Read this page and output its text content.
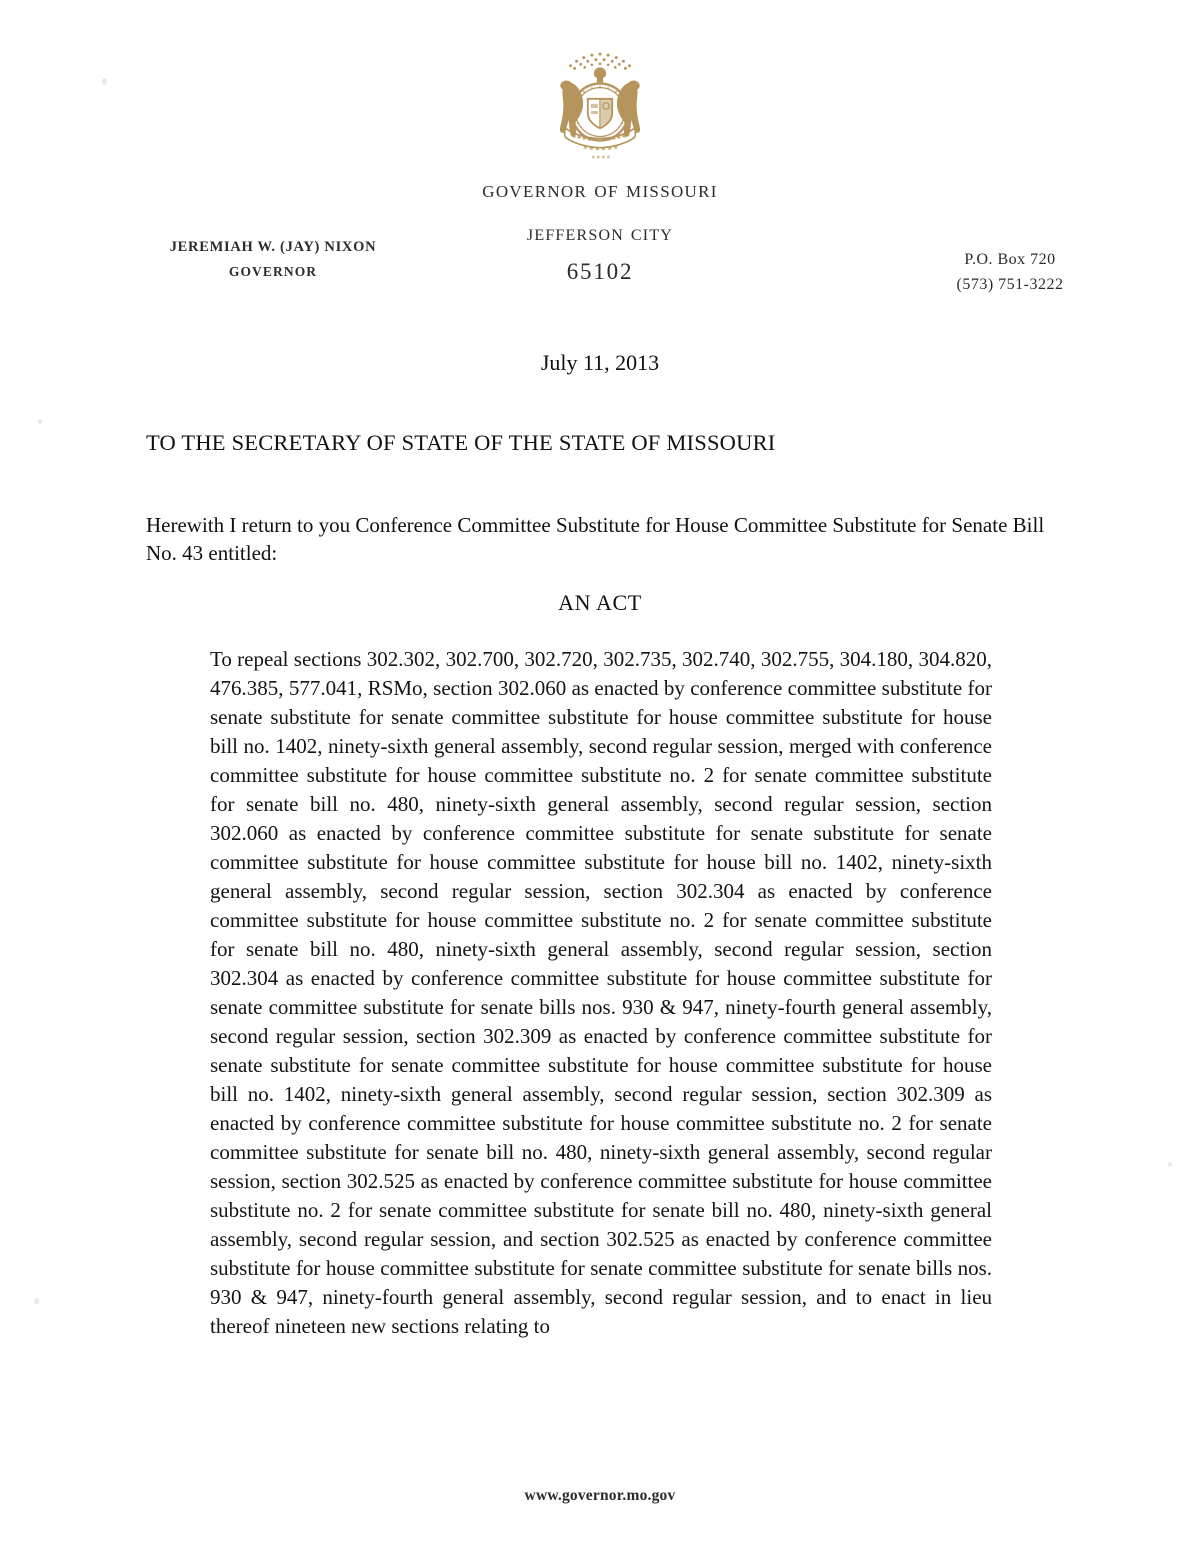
governor of missouri
jefferson city
65102
JEREMIAH W. (JAY) NIXON
GOVERNOR
P.O. Box 720
(573) 751-3222
July 11, 2013
TO THE SECRETARY OF STATE OF THE STATE OF MISSOURI
Herewith I return to you Conference Committee Substitute for House Committee Substitute for Senate Bill No. 43 entitled:
AN ACT
To repeal sections 302.302, 302.700, 302.720, 302.735, 302.740, 302.755, 304.180, 304.820, 476.385, 577.041, RSMo, section 302.060 as enacted by conference committee substitute for senate substitute for senate committee substitute for house committee substitute for house bill no. 1402, ninety-sixth general assembly, second regular session, merged with conference committee substitute for house committee substitute no. 2 for senate committee substitute for senate bill no. 480, ninety-sixth general assembly, second regular session, section 302.060 as enacted by conference committee substitute for senate substitute for senate committee substitute for house committee substitute for house bill no. 1402, ninety-sixth general assembly, second regular session, section 302.304 as enacted by conference committee substitute for house committee substitute no. 2 for senate committee substitute for senate bill no. 480, ninety-sixth general assembly, second regular session, section 302.304 as enacted by conference committee substitute for house committee substitute for senate committee substitute for senate bills nos. 930 & 947, ninety-fourth general assembly, second regular session, section 302.309 as enacted by conference committee substitute for senate substitute for senate committee substitute for house committee substitute for house bill no. 1402, ninety-sixth general assembly, second regular session, section 302.309 as enacted by conference committee substitute for house committee substitute no. 2 for senate committee substitute for senate bill no. 480, ninety-sixth general assembly, second regular session, section 302.525 as enacted by conference committee substitute for house committee substitute no. 2 for senate committee substitute for senate bill no. 480, ninety-sixth general assembly, second regular session, and section 302.525 as enacted by conference committee substitute for house committee substitute for senate committee substitute for senate bills nos. 930 & 947, ninety-fourth general assembly, second regular session, and to enact in lieu thereof nineteen new sections relating to
www.governor.mo.gov
